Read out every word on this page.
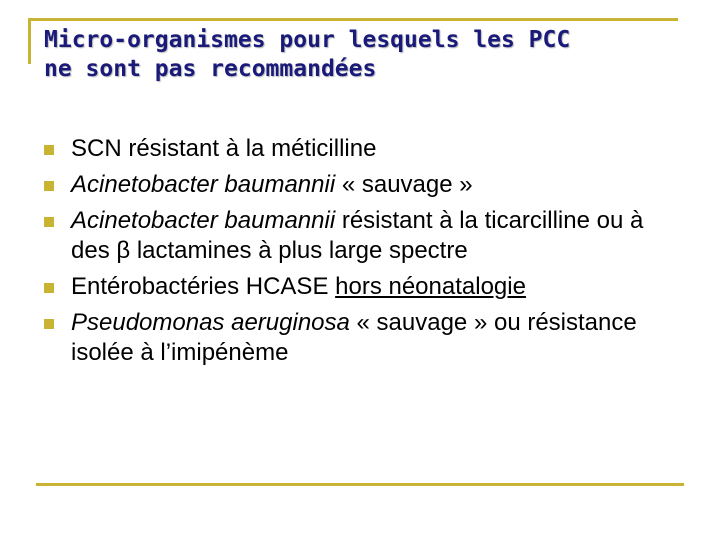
Micro-organismes pour lesquels les PCC
ne sont pas recommandées
SCN résistant à la méticilline
Acinetobacter baumannii « sauvage »
Acinetobacter baumannii résistant à la ticarcilline ou à des β lactamines à plus large spectre
Entérobactéries HCASE hors néonatalogie
Pseudomonas aeruginosa « sauvage » ou résistance isolée à l’imipénème
